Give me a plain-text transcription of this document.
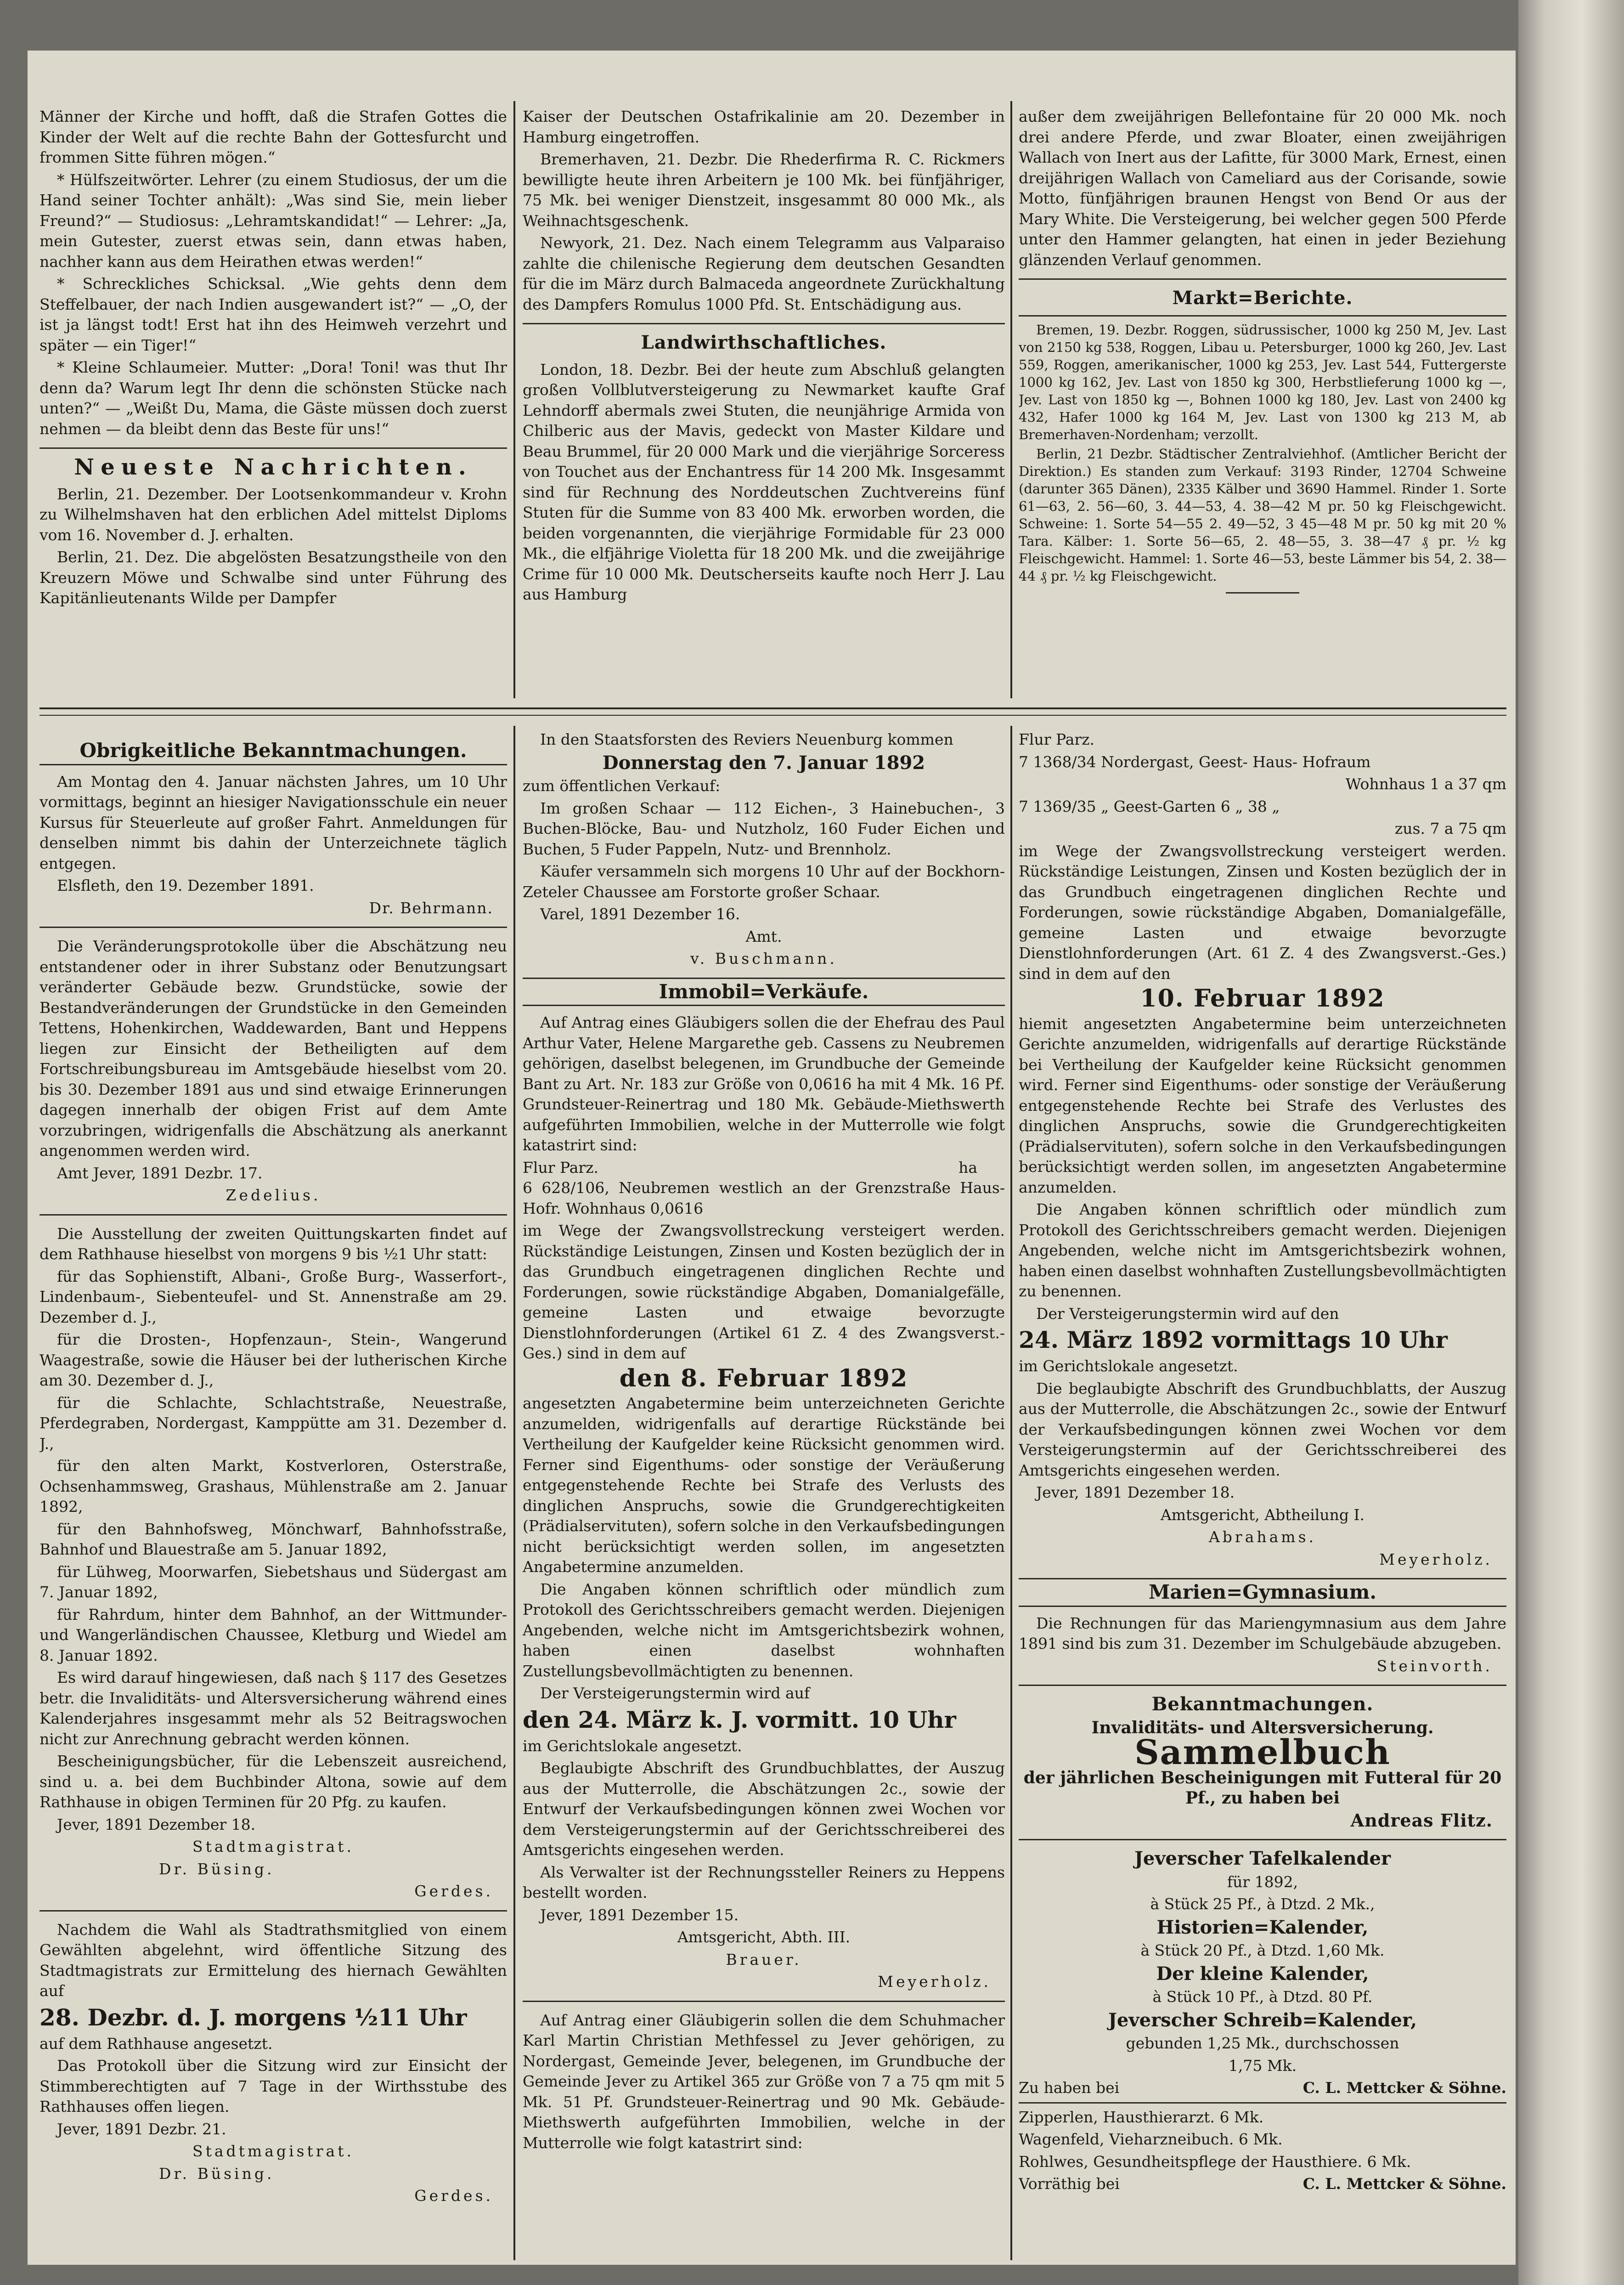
Männer der Kirche und hofft, daß die Strafen Gottes die Kinder der Welt auf die rechte Bahn der Gottesfurcht und frommen Sitte führen mögen.“

* Hülfszeitwörter. Lehrer (zu einem Studiosus, der um die Hand seiner Tochter anhält): „Was sind Sie, mein lieber Freund?“ — Studiosus: „Lehramtskandidat!“ — Lehrer: „Ja, mein Gutester, zuerst etwas sein, dann etwas haben, nachher kann aus dem Heirathen etwas werden!“

* Schreckliches Schicksal. „Wie gehts denn dem Steffelbauer, der nach Indien ausgewandert ist?“ — „O, der ist ja längst todt! Erst hat ihn des Heimweh verzehrt und später — ein Tiger!“

* Kleine Schlaumeier. Mutter: „Dora! Toni! was thut Ihr denn da? Warum legt Ihr denn die schönsten Stücke nach unten?“ — „Weißt Du, Mama, die Gäste müssen doch zuerst nehmen — da bleibt denn das Beste für uns!“

Neueste Nachrichten.

Berlin, 21. Dezember. Der Lootsenkommandeur v. Krohn zu Wilhelmshaven hat den erblichen Adel mittelst Diploms vom 16. November d. J. erhalten.

Berlin, 21. Dez. Die abgelösten Besatzungstheile von den Kreuzern Möwe und Schwalbe sind unter Führung des Kapitänlieutenants Wilde per Dampfer

Kaiser der Deutschen Ostafrikalinie am 20. Dezember in Hamburg eingetroffen.

Bremerhaven, 21. Dezbr. Die Rhederfirma R. C. Rickmers bewilligte heute ihren Arbeitern je 100 Mk. bei fünfjähriger, 75 Mk. bei weniger Dienstzeit, insgesammt 80 000 Mk., als Weihnachtsgeschenk.

Newyork, 21. Dez. Nach einem Telegramm aus Valparaiso zahlte die chilenische Regierung dem deutschen Gesandten für die im März durch Balmaceda angeordnete Zurückhaltung des Dampfers Romulus 1000 Pfd. St. Entschädigung aus.

Landwirthschaftliches.

London, 18. Dezbr. Bei der heute zum Abschluß gelangten großen Vollblutversteigerung zu Newmarket kaufte Graf Lehndorff abermals zwei Stuten, die neunjährige Armida von Chilberic aus der Mavis, gedeckt von Master Kildare und Beau Brummel, für 20 000 Mark und die vierjährige Sorceress von Touchet aus der Enchantress für 14 200 Mk. Insgesammt sind für Rechnung des Norddeutschen Zuchtvereins fünf Stuten für die Summe von 83 400 Mk. erworben worden, die beiden vorgenannten, die vierjährige Formidable für 23 000 Mk., die elfjährige Violetta für 18 200 Mk. und die zweijährige Crime für 10 000 Mk. Deutscherseits kaufte noch Herr J. Lau aus Hamburg

außer dem zweijährigen Bellefontaine für 20 000 Mk. noch drei andere Pferde, und zwar Bloater, einen zweijährigen Wallach von Inert aus der Lafitte, für 3000 Mark, Ernest, einen dreijährigen Wallach von Cameliard aus der Corisande, sowie Motto, fünfjährigen braunen Hengst von Bend Or aus der Mary White. Die Versteigerung, bei welcher gegen 500 Pferde unter den Hammer gelangten, hat einen in jeder Beziehung glänzenden Verlauf genommen.

Markt=Berichte.

Bremen, 19. Dezbr. Roggen, südrussischer, 1000 kg 250 M, Jev. Last von 2150 kg 538, Roggen, Libau u. Petersburger, 1000 kg 260, Jev. Last 559, Roggen, amerikanischer, 1000 kg 253, Jev. Last 544, Futtergerste 1000 kg 162, Jev. Last von 1850 kg 300, Herbstlieferung 1000 kg —, Jev. Last von 1850 kg —, Bohnen 1000 kg 180, Jev. Last von 2400 kg 432, Hafer 1000 kg 164 M, Jev. Last von 1300 kg 213 M, ab Bremerhaven-Nordenham; verzollt.

Berlin, 21 Dezbr. Städtischer Zentralviehhof. (Amtlicher Bericht der Direktion.) Es standen zum Verkauf: 3193 Rinder, 12704 Schweine (darunter 365 Dänen), 2335 Kälber und 3690 Hammel. Rinder 1. Sorte 61—63, 2. 56—60, 3. 44—53, 4. 38—42 M pr. 50 kg Fleischgewicht. Schweine: 1. Sorte 54—55 2. 49—52, 3 45—48 M pr. 50 kg mit 20 % Tara. Kälber: 1. Sorte 56—65, 2. 48—55, 3. 38—47 ₰ pr. ½ kg Fleischgewicht. Hammel: 1. Sorte 46—53, beste Lämmer bis 54, 2. 38—44 ₰ pr. ½ kg Fleischgewicht.

Obrigkeitliche Bekanntmachungen.

Am Montag den 4. Januar nächsten Jahres, um 10 Uhr vormittags, beginnt an hiesiger Navigationsschule ein neuer Kursus für Steuerleute auf großer Fahrt. Anmeldungen für denselben nimmt bis dahin der Unterzeichnete täglich entgegen.

Elsfleth, den 19. Dezember 1891.

Dr. Behrmann.

Die Veränderungsprotokolle über die Abschätzung neu entstandener oder in ihrer Substanz oder Benutzungsart veränderter Gebäude bezw. Grundstücke, sowie der Bestandveränderungen der Grundstücke in den Gemeinden Tettens, Hohenkirchen, Waddewarden, Bant und Heppens liegen zur Einsicht der Betheiligten auf dem Fortschreibungsbureau im Amtsgebäude hieselbst vom 20. bis 30. Dezember 1891 aus und sind etwaige Erinnerungen dagegen innerhalb der obigen Frist auf dem Amte vorzubringen, widrigenfalls die Abschätzung als anerkannt angenommen werden wird.

Amt Jever, 1891 Dezbr. 17.

Zedelius.

Die Ausstellung der zweiten Quittungskarten findet auf dem Rathhause hieselbst von morgens 9 bis ½1 Uhr statt:

für das Sophienstift, Albani-, Große Burg-, Wasserfort-, Lindenbaum-, Siebenteufel- und St. Annenstraße am 29. Dezember d. J.,

für die Drosten-, Hopfenzaun-, Stein-, Wangerund Waagestraße, sowie die Häuser bei der lutherischen Kirche am 30. Dezember d. J.,

für die Schlachte, Schlachtstraße, Neuestraße, Pferdegraben, Nordergast, Kamppütte am 31. Dezember d. J.,

für den alten Markt, Kostverloren, Osterstraße, Ochsenhammsweg, Grashaus, Mühlenstraße am 2. Januar 1892,

für den Bahnhofsweg, Mönchwarf, Bahnhofsstraße, Bahnhof und Blauestraße am 5. Januar 1892,

für Lühweg, Moorwarfen, Siebetshaus und Südergast am 7. Januar 1892,

für Rahrdum, hinter dem Bahnhof, an der Wittmunder- und Wangerländischen Chaussee, Kletburg und Wiedel am 8. Januar 1892.

Es wird darauf hingewiesen, daß nach § 117 des Gesetzes betr. die Invaliditäts- und Altersversicherung während eines Kalenderjahres insgesammt mehr als 52 Beitragswochen nicht zur Anrechnung gebracht werden können.

Bescheinigungsbücher, für die Lebenszeit ausreichend, sind u. a. bei dem Buchbinder Altona, sowie auf dem Rathhause in obigen Terminen für 20 Pfg. zu kaufen.

Jever, 1891 Dezember 18.

Stadtmagistrat.

Dr. Büsing.

Gerdes.

Nachdem die Wahl als Stadtrathsmitglied von einem Gewählten abgelehnt, wird öffentliche Sitzung des Stadtmagistrats zur Ermittelung des hiernach Gewählten auf

28. Dezbr. d. J. morgens ½11 Uhr

auf dem Rathhause angesetzt.

Das Protokoll über die Sitzung wird zur Einsicht der Stimmberechtigten auf 7 Tage in der Wirthsstube des Rathhauses offen liegen.

Jever, 1891 Dezbr. 21.

Stadtmagistrat.

Dr. Büsing.

Gerdes.

In den Staatsforsten des Reviers Neuenburg kommen

Donnerstag den 7. Januar 1892

zum öffentlichen Verkauf:

Im großen Schaar — 112 Eichen-, 3 Hainebuchen-, 3 Buchen-Blöcke, Bau- und Nutzholz, 160 Fuder Eichen und Buchen, 5 Fuder Pappeln, Nutz- und Brennholz.

Käufer versammeln sich morgens 10 Uhr auf der Bockhorn-Zeteler Chaussee am Forstorte großer Schaar.

Varel, 1891 Dezember 16.

Amt.

v. Buschmann.

Immobil=Verkäufe.

Auf Antrag eines Gläubigers sollen die der Ehefrau des Paul Arthur Vater, Helene Margarethe geb. Cassens zu Neubremen gehörigen, daselbst belegenen, im Grundbuche der Gemeinde Bant zu Art. Nr. 183 zur Größe von 0,0616 ha mit 4 Mk. 16 Pf. Grundsteuer-Reinertrag und 180 Mk. Gebäude-Miethswerth aufgeführten Immobilien, welche in der Mutterrolle wie folgt katastrirt sind:

Flur Parz.	ha

6 628/106, Neubremen westlich an der Grenzstraße Haus-Hofr. Wohnhaus 0,0616

im Wege der Zwangsvollstreckung versteigert werden. Rückständige Leistungen, Zinsen und Kosten bezüglich der in das Grundbuch eingetragenen dinglichen Rechte und Forderungen, sowie rückständige Abgaben, Domanialgefälle, gemeine Lasten und etwaige bevorzugte Dienstlohnforderungen (Artikel 61 Z. 4 des Zwangsverst.-Ges.) sind in dem auf

den 8. Februar 1892

angesetzten Angabetermine beim unterzeichneten Gerichte anzumelden, widrigenfalls auf derartige Rückstände bei Vertheilung der Kaufgelder keine Rücksicht genommen wird. Ferner sind Eigenthums- oder sonstige der Veräußerung entgegenstehende Rechte bei Strafe des Verlusts des dinglichen Anspruchs, sowie die Grundgerechtigkeiten (Prädialservituten), sofern solche in den Verkaufsbedingungen nicht berücksichtigt werden sollen, im angesetzten Angabetermine anzumelden.

Die Angaben können schriftlich oder mündlich zum Protokoll des Gerichtsschreibers gemacht werden. Diejenigen Angebenden, welche nicht im Amtsgerichtsbezirk wohnen, haben einen daselbst wohnhaften Zustellungsbevollmächtigten zu benennen.

Der Versteigerungstermin wird auf

den 24. März k. J. vormitt. 10 Uhr

im Gerichtslokale angesetzt.

Beglaubigte Abschrift des Grundbuchblattes, der Auszug aus der Mutterrolle, die Abschätzungen 2c., sowie der Entwurf der Verkaufsbedingungen können zwei Wochen vor dem Versteigerungstermin auf der Gerichtsschreiberei des Amtsgerichts eingesehen werden.

Als Verwalter ist der Rechnungssteller Reiners zu Heppens bestellt worden.

Jever, 1891 Dezember 15.

Amtsgericht, Abth. III.

Brauer.

Meyerholz.

Auf Antrag einer Gläubigerin sollen die dem Schuhmacher Karl Martin Christian Methfessel zu Jever gehörigen, zu Nordergast, Gemeinde Jever, belegenen, im Grundbuche der Gemeinde Jever zu Artikel 365 zur Größe von 7 a 75 qm mit 5 Mk. 51 Pf. Grundsteuer-Reinertrag und 90 Mk. Gebäude-Miethswerth aufgeführten Immobilien, welche in der Mutterrolle wie folgt katastrirt sind:

Flur Parz.

7 1368/34 Nordergast, Geest- Haus- Hofraum

Wohnhaus 1 a 37 qm

7 1369/35 „ Geest-Garten 6 „ 38 „

zus. 7 a 75 qm

im Wege der Zwangsvollstreckung versteigert werden. Rückständige Leistungen, Zinsen und Kosten bezüglich der in das Grundbuch eingetragenen dinglichen Rechte und Forderungen, sowie rückständige Abgaben, Domanialgefälle, gemeine Lasten und etwaige bevorzugte Dienstlohnforderungen (Art. 61 Z. 4 des Zwangsverst.-Ges.) sind in dem auf den

10. Februar 1892

hiemit angesetzten Angabetermine beim unterzeichneten Gerichte anzumelden, widrigenfalls auf derartige Rückstände bei Vertheilung der Kaufgelder keine Rücksicht genommen wird. Ferner sind Eigenthums- oder sonstige der Veräußerung entgegenstehende Rechte bei Strafe des Verlustes des dinglichen Anspruchs, sowie die Grundgerechtigkeiten (Prädialservituten), sofern solche in den Verkaufsbedingungen berücksichtigt werden sollen, im angesetzten Angabetermine anzumelden.

Die Angaben können schriftlich oder mündlich zum Protokoll des Gerichtsschreibers gemacht werden. Diejenigen Angebenden, welche nicht im Amtsgerichtsbezirk wohnen, haben einen daselbst wohnhaften Zustellungsbevollmächtigten zu benennen.

Der Versteigerungstermin wird auf den

24. März 1892 vormittags 10 Uhr

im Gerichtslokale angesetzt.

Die beglaubigte Abschrift des Grundbuchblatts, der Auszug aus der Mutterrolle, die Abschätzungen 2c., sowie der Entwurf der Verkaufsbedingungen können zwei Wochen vor dem Versteigerungstermin auf der Gerichtsschreiberei des Amtsgerichts eingesehen werden.

Jever, 1891 Dezember 18.

Amtsgericht, Abtheilung I.

Abrahams.

Meyerholz.

Marien=Gymnasium.

Die Rechnungen für das Mariengymnasium aus dem Jahre 1891 sind bis zum 31. Dezember im Schulgebäude abzugeben.

Steinvorth.

Bekanntmachungen.

Invaliditäts- und Altersversicherung.

Sammelbuch

der jährlichen Bescheinigungen mit Futteral für 20 Pf., zu haben bei

Andreas Flitz.

Jeverscher Tafelkalender

für 1892,

à Stück 25 Pf., à Dtzd. 2 Mk.,

Historien=Kalender,

à Stück 20 Pf., à Dtzd. 1,60 Mk.

Der kleine Kalender,

à Stück 10 Pf., à Dtzd. 80 Pf.

Jeverscher Schreib=Kalender,

gebunden 1,25 Mk., durchschossen

1,75 Mk.

Zu haben bei	C. L. Mettcker & Söhne.

Zipperlen, Hausthierarzt. 6 Mk.

Wagenfeld, Vieharzneibuch. 6 Mk.

Rohlwes, Gesundheitspflege der Hausthiere. 6 Mk.

Vorräthig bei	C. L. Mettcker & Söhne.
